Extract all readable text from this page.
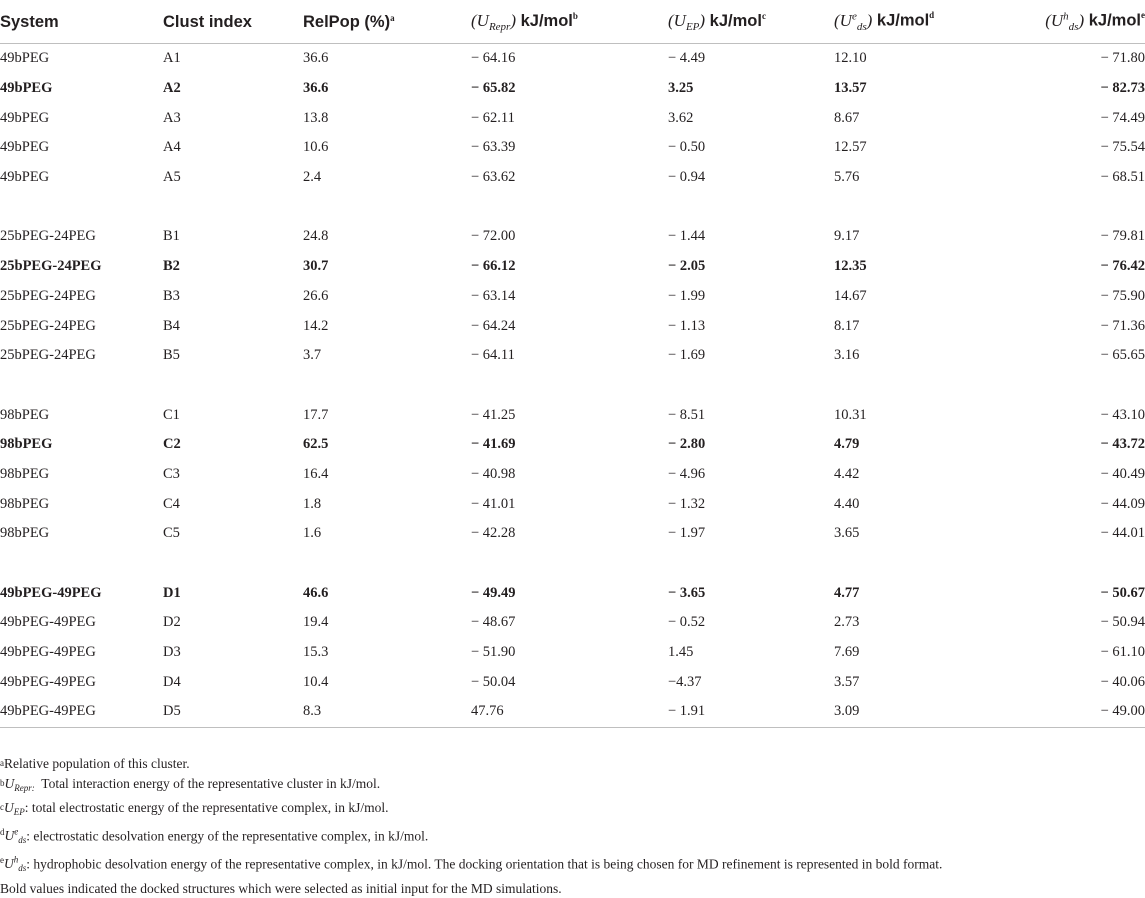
System	Clust index	RelPop (%)$^a$	$(U_{Repr})$ kJ/mol$^b$	$(U_{EP})$ kJ/mol$^c$	$(U^e_{ds})$ kJ/mol$^d$	$(U^h_{ds})$ kJ/mol$^e$
49bPEG	A1	36.6	− 64.16	− 4.49	12.10	− 71.80
49bPEG	A2	36.6	− 65.82	3.25	13.57	− 82.73
49bPEG	A3	13.8	− 62.11	3.62	8.67	− 74.49
49bPEG	A4	10.6	− 63.39	− 0.50	12.57	− 75.54
49bPEG	A5	2.4	− 63.62	− 0.94	5.76	− 68.51

25bPEG-24PEG	B1	24.8	− 72.00	− 1.44	9.17	− 79.81
25bPEG-24PEG	B2	30.7	− 66.12	− 2.05	12.35	− 76.42
25bPEG-24PEG	B3	26.6	− 63.14	− 1.99	14.67	− 75.90
25bPEG-24PEG	B4	14.2	− 64.24	− 1.13	8.17	− 71.36
25bPEG-24PEG	B5	3.7	− 64.11	− 1.69	3.16	− 65.65

98bPEG	C1	17.7	− 41.25	− 8.51	10.31	− 43.10
98bPEG	C2	62.5	− 41.69	− 2.80	4.79	− 43.72
98bPEG	C3	16.4	− 40.98	− 4.96	4.42	− 40.49
98bPEG	C4	1.8	− 41.01	− 1.32	4.40	− 44.09
98bPEG	C5	1.6	− 42.28	− 1.97	3.65	− 44.01

49bPEG-49PEG	D1	46.6	− 49.49	− 3.65	4.77	− 50.67
49bPEG-49PEG	D2	19.4	− 48.67	− 0.52	2.73	− 50.94
49bPEG-49PEG	D3	15.3	− 51.90	1.45	7.69	− 61.10
49bPEG-49PEG	D4	10.4	− 50.04	−4.37	3.57	− 40.06
49bPEG-49PEG	D5	8.3	47.76	− 1.91	3.09	− 49.00
$^a$Relative population of this cluster.
$^bU_{Repr:}$ Total interaction energy of the representative cluster in kJ/mol.
$^cU_{EP}$: total electrostatic energy of the representative complex, in kJ/mol.
$^dU^e_{ds}$: electrostatic desolvation energy of the representative complex, in kJ/mol.
$^eU^h_{ds}$: hydrophobic desolvation energy of the representative complex, in kJ/mol. The docking orientation that is being chosen for MD refinement is represented in bold format.
Bold values indicated the docked structures which were selected as initial input for the MD simulations.
